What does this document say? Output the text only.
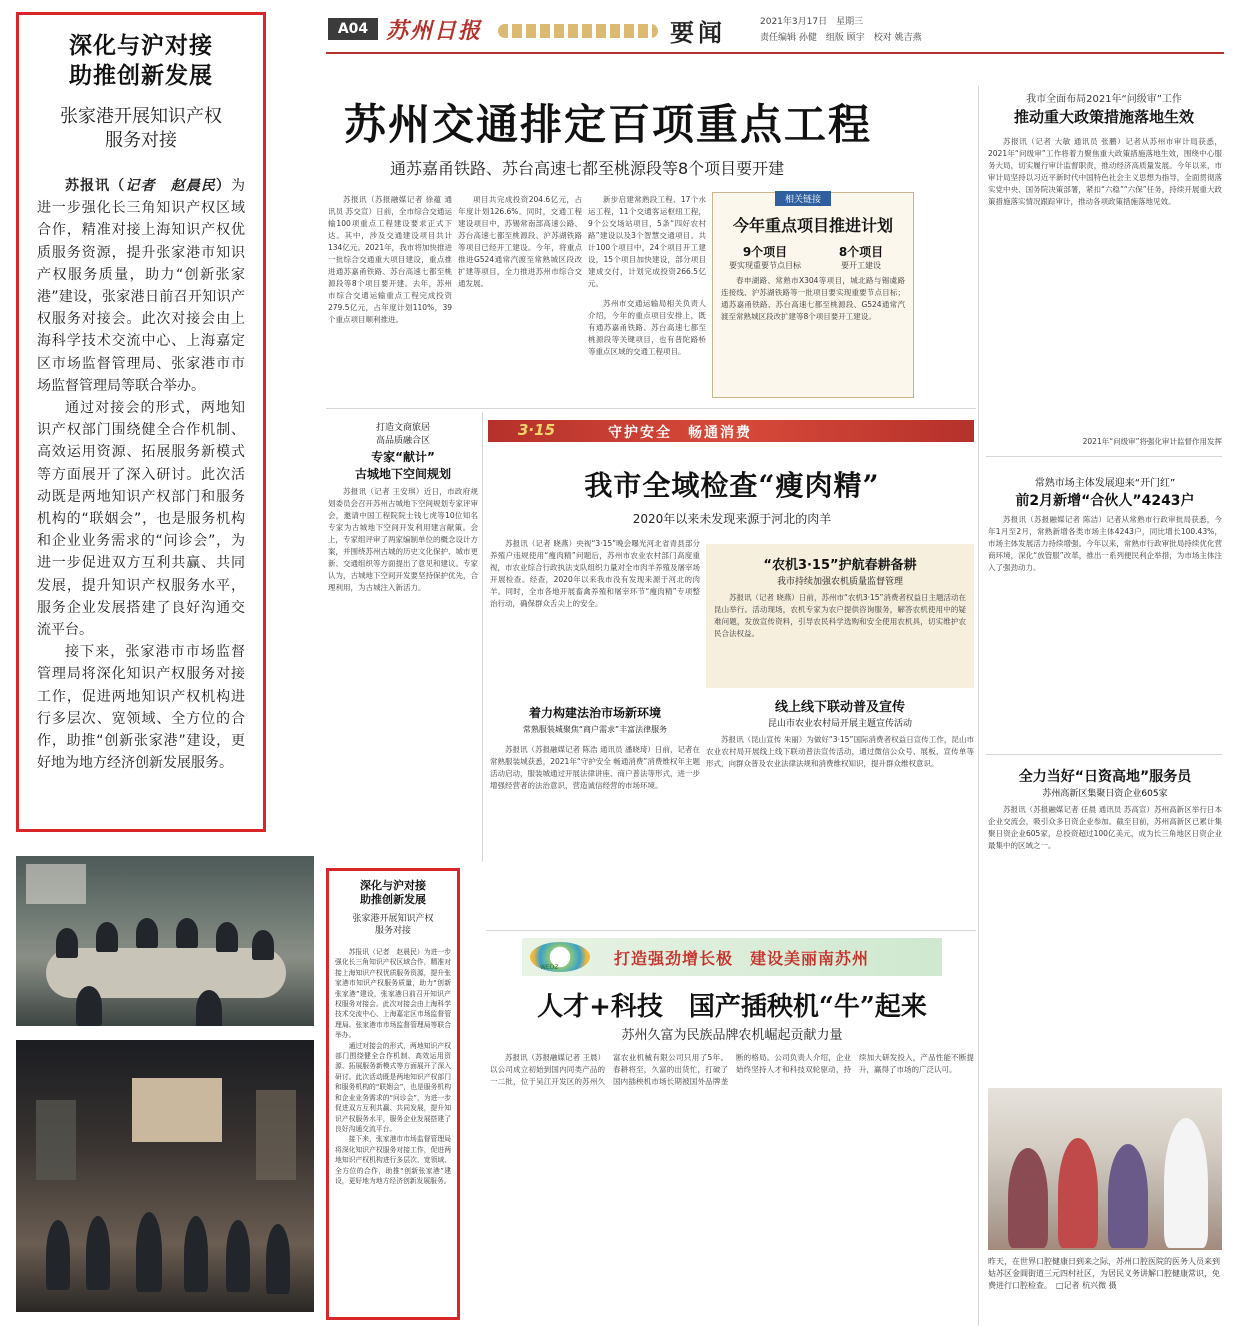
深化与沪对接
助推创新发展
张家港开展知识产权
服务对接

苏报讯（记者　赵晨民）为进一步强化长三角知识产权区域合作，精准对接上海知识产权优质服务资源，提升张家港市知识产权服务质量，助力“创新张家港”建设，张家港日前召开知识产权服务对接会。此次对接会由上海科学技术交流中心、上海嘉定区市场监督管理局、张家港市市场监督管理局等联合举办。

通过对接会的形式，两地知识产权部门围绕健全合作机制、高效运用资源、拓展服务新模式等方面展开了深入研讨。此次活动既是两地知识产权部门和服务机构的“联姻会”，也是服务机构和企业业务需求的“问诊会”，为进一步促进双方互利共赢、共同发展，提升知识产权服务水平，服务企业发展搭建了良好沟通交流平台。

接下来，张家港市市场监督管理局将深化知识产权服务对接工作，促进两地知识产权机构进行多层次、宽领域、全方位的合作，助推“创新张家港”建设，更好地为地方经济创新发展服务。

A04 苏州日报	要闻	2021年3月17日　星期三
责任编辑 孙健　组版 顾宇　校对 姚吉燕
苏州交通排定百项重点工程
通苏嘉甬铁路、苏台高速七都至桃源段等8个项目要开建

苏报讯（苏报融媒记者 徐蕴 通讯员 苏交宣）日前，全市综合交通运输100项重点工程建设要求正式下达。其中，涉及交通建设项目共计134亿元。2021年，我市将加快推进一批综合交通重大项目建设，重点推进通苏嘉甬铁路、苏台高速七都至桃源段等8个项目要开建。去年，苏州市综合交通运输重点工程完成投资279.5亿元，占年度计划110%，39个重点项目顺利推进。

项目共完成投资204.6亿元，占年度计划126.6%。同时，交通工程建设项目中，苏锡常南部高速公路、苏台高速七都至桃源段、沪苏湖铁路等项目已经开工建设。今年，将重点推进G524通常汽渡至常熟城区段改扩建等项目，全力推进苏州市综合交通发展。

新步启建常熟段工程、17个水运工程，11个交通客运枢纽工程，9个公交场站项目，5条“四好农村路”建设以及3个智慧交通项目。共计100个项目中，24个项目开工建设，15个项目加快建设，部分项目建成交付，计划完成投资266.5亿元。

苏州市交通运输局相关负责人介绍，今年的重点项目安排上，既有通苏嘉甬铁路、苏台高速七都至桃源段等关键项目，也有普陀路桥等重点区域的交通工程项目。

相关链接
今年重点项目推进计划
9个项目
要实现重要节点目标
8个项目
要开工建设

春申湖路、常熟市X304等项目，城北路与锡虞路连接线、沪苏湖铁路等一批项目要实现重要节点目标；通苏嘉甬铁路、苏台高速七都至桃源段、G524通常汽渡至常熟城区段改扩建等8个项目要开工建设。

我市全面布局2021年“问级审”工作
推动重大政策措施落地生效

苏报讯（记者 大敏 通讯员 张鹏）记者从苏州市审计局获悉，2021年“问级审”工作将着力聚焦重大政策措施落地生效，围绕中心服务大局，切实履行审计监督职责，推动经济高质量发展。今年以来，市审计局坚持以习近平新时代中国特色社会主义思想为指导，全面贯彻落实党中央、国务院决策部署，紧扣“六稳”“六保”任务，持续开展重大政策措施落实情况跟踪审计，推动各项政策措施落地见效。

2021年“问级审”将强化审计监督作用发挥
打造文商旅居
高品质融合区
专家“献计”
古城地下空间规划

苏报讯（记者 王安琪）近日，市政府规划委员会召开苏州古城地下空间规划专家评审会，邀请中国工程院院士钱七虎等10位知名专家为古城地下空间开发利用建言献策。会上，专家组评审了两家编制单位的概念设计方案，并围绕苏州古城的历史文化保护、城市更新、交通组织等方面提出了意见和建议。专家认为，古城地下空间开发要坚持保护优先，合理利用，为古城注入新活力。

3·15	守护安全　畅通消费
我市全域检查“瘦肉精”
2020年以来未发现来源于河北的肉羊

苏报讯（记者 晓燕）央视“3·15”晚会曝光河北省青县部分养殖户违规使用“瘦肉精”问题后，苏州市农业农村部门高度重视，市农业综合行政执法支队组织力量对全市肉羊养殖及屠宰场开展检查。经查，2020年以来我市没有发现来源于河北的肉羊。同时，全市各地开展畜禽养殖和屠宰环节“瘦肉精”专项整治行动，确保群众舌尖上的安全。

“农机3·15”护航春耕备耕
我市持续加强农机质量监督管理

苏报讯（记者 晓燕）日前，苏州市“农机3·15”消费者权益日主题活动在昆山举行。活动现场，农机专家为农户提供咨询服务，解答农机使用中的疑难问题，发放宣传资料，引导农民科学选购和安全使用农机具，切实维护农民合法权益。

着力构建法治市场新环境
常熟服装城聚焦“商户需求”丰富法律服务

苏报讯（苏报融媒记者 陈浩 通讯员 潘晓琦）日前，记者在常熟服装城获悉，2021年“守护安全 畅通消费”消费维权年主题活动启动，服装城通过开展法律讲座、商户普法等形式，进一步增强经营者的法治意识，营造诚信经营的市场环境。

线上线下联动普及宣传
昆山市农业农村局开展主题宣传活动

苏报讯（昆山宣传 朱丽）为做好“3·15”国际消费者权益日宣传工作，昆山市农业农村局开展线上线下联动普法宣传活动，通过微信公众号、展板、宣传单等形式，向群众普及农业法律法规和消费维权知识，提升群众维权意识。

常熟市场主体发展迎来“开门红”
前2月新增“合伙人”4243户

苏报讯（苏报融媒记者 陈洁）记者从常熟市行政审批局获悉，今年1月至2月，常熟新增各类市场主体4243户，同比增长100.43%，市场主体发展活力持续增强。今年以来，常熟市行政审批局持续优化营商环境，深化“放管服”改革，推出一系列便民利企举措，为市场主体注入了强劲动力。

全力当好“日资高地”服务员
苏州高新区集聚日资企业605家

苏报讯（苏报融媒记者 任晨 通讯员 苏高宣）苏州高新区举行日本企业交流会，吸引众多日资企业参加。截至目前，苏州高新区已累计集聚日资企业605家，总投资超过100亿美元，成为长三角地区日资企业最集中的区域之一。

昨天，在世界口腔健康日到来之际，苏州口腔医院的医务人员来到姑苏区金阊街道三元四村社区，为居民义务讲解口腔健康常识，免费进行口腔检查。　□记者 杭兴微 摄
WEDZ	打造强劲增长极　建设美丽南苏州
人才+科技　国产插秧机“牛”起来
苏州久富为民族品牌农机崛起贡献力量

苏报讯（苏报融媒记者 王晨）以公司成立初始到国内同类产品的一二批，位于吴江开发区的苏州久富农业机械有限公司只用了5年。春耕将至，久富的出货忙，打破了国内插秧机市场长期被国外品牌垄断的格局。公司负责人介绍，企业始终坚持人才和科技双轮驱动，持续加大研发投入，产品性能不断提升，赢得了市场的广泛认可。

深化与沪对接
助推创新发展
张家港开展知识产权
服务对接

苏报讯（记者　赵晨民）为进一步强化长三角知识产权区域合作，精准对接上海知识产权优质服务资源，提升张家港市知识产权服务质量，助力“创新张家港”建设，张家港日前召开知识产权服务对接会。此次对接会由上海科学技术交流中心、上海嘉定区市场监督管理局、张家港市市场监督管理局等联合举办。

通过对接会的形式，两地知识产权部门围绕健全合作机制、高效运用资源、拓展服务新模式等方面展开了深入研讨。此次活动既是两地知识产权部门和服务机构的“联姻会”，也是服务机构和企业业务需求的“问诊会”，为进一步促进双方互利共赢、共同发展，提升知识产权服务水平，服务企业发展搭建了良好沟通交流平台。

接下来，张家港市市场监督管理局将深化知识产权服务对接工作，促进两地知识产权机构进行多层次、宽领域、全方位的合作，助推“创新张家港”建设，更好地为地方经济创新发展服务。
